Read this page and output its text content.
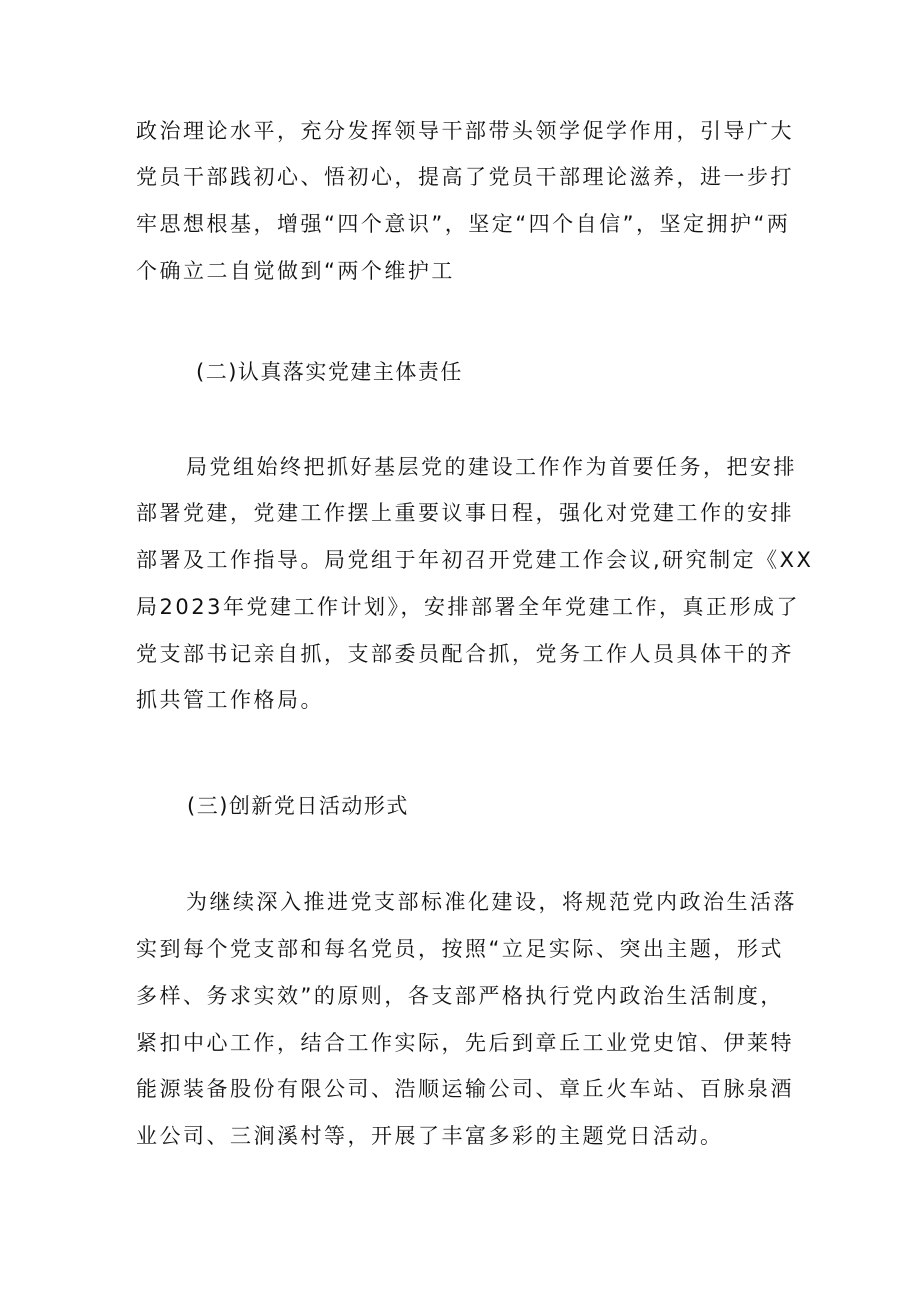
政治理论水平，充分发挥领导干部带头领学促学作用，引导广大
党员干部践初心、悟初心，提高了党员干部理论滋养，进一步打
牢思想根基，增强“四个意识”，坚定“四个自信”，坚定拥护“两
个确立二自觉做到“两个维护工
(二)认真落实党建主体责任
局党组始终把抓好基层党的建设工作作为首要任务，把安排
部署党建，党建工作摆上重要议事日程，强化对党建工作的安排
部署及工作指导。局党组于年初召开党建工作会议,研究制定《XX
局2023年党建工作计划》，安排部署全年党建工作，真正形成了
党支部书记亲自抓，支部委员配合抓，党务工作人员具体干的齐
抓共管工作格局。
(三)创新党日活动形式
为继续深入推进党支部标准化建设，将规范党内政治生活落
实到每个党支部和每名党员，按照“立足实际、突出主题，形式
多样、务求实效”的原则，各支部严格执行党内政治生活制度，
紧扣中心工作，结合工作实际，先后到章丘工业党史馆、伊莱特
能源装备股份有限公司、浩顺运输公司、章丘火车站、百脉泉酒
业公司、三涧溪村等，开展了丰富多彩的主题党日活动。
